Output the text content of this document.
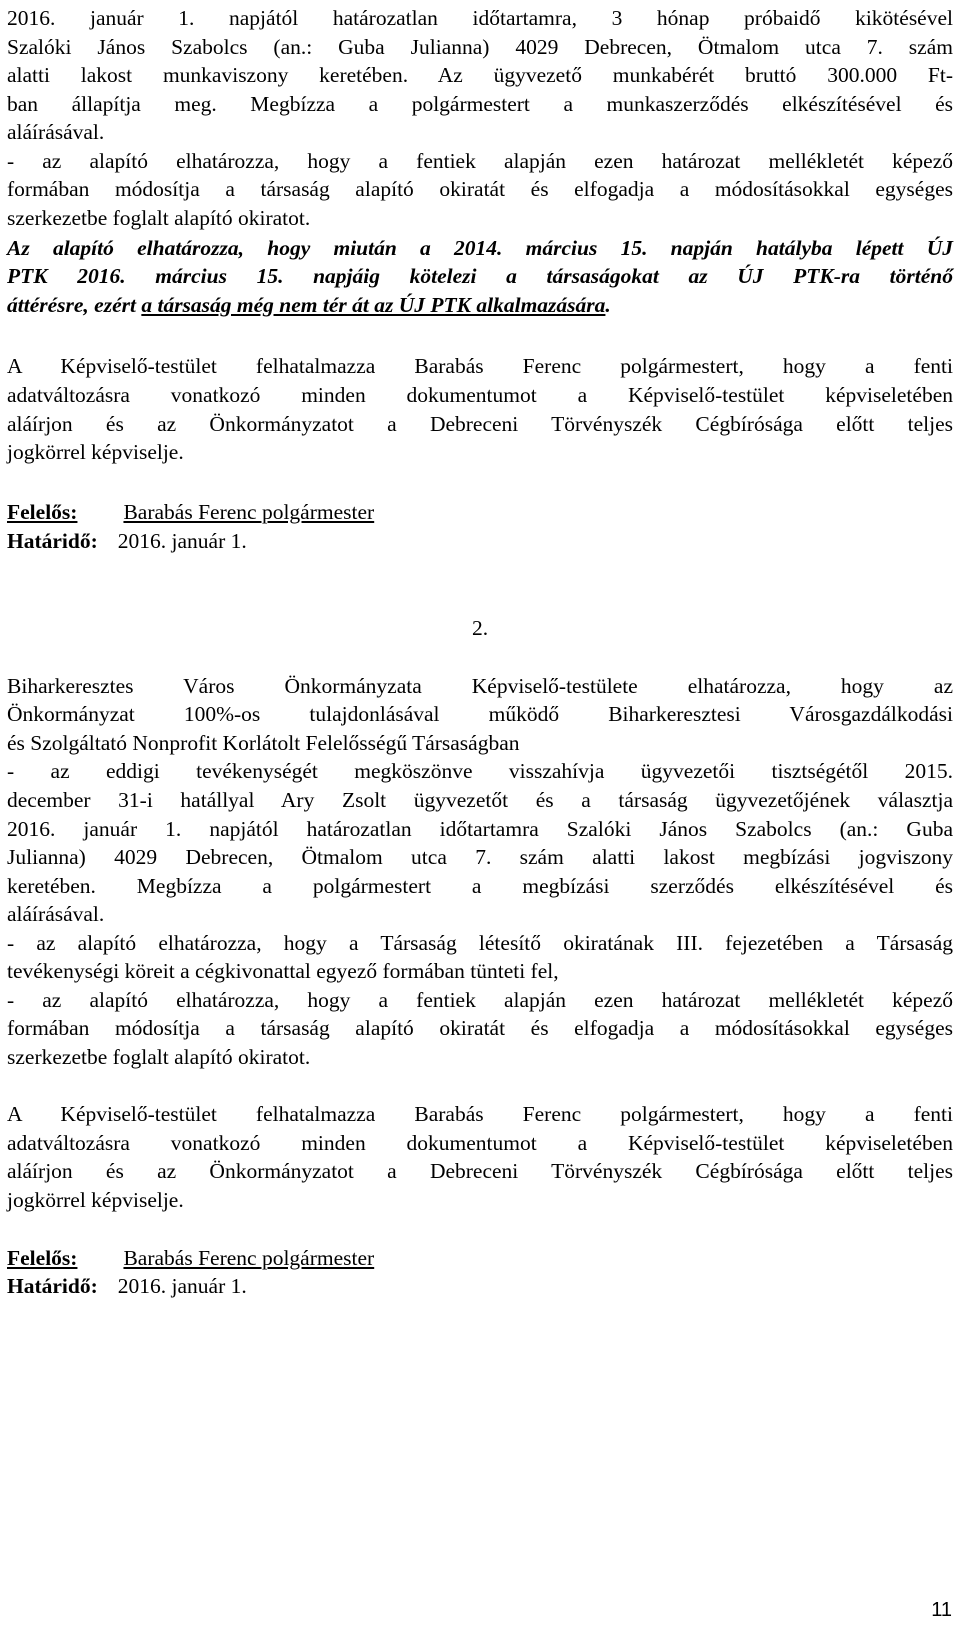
2016. január 1. napjától határozatlan időtartamra, 3 hónap próbaidő kikötésével
Szalóki János Szabolcs (an.: Guba Julianna) 4029 Debrecen, Ötmalom utca 7. szám
alatti lakost munkaviszony keretében. Az ügyvezető munkabérét bruttó 300.000 Ft-
ban állapítja meg. Megbízza a polgármestert a munkaszerződés elkészítésével és
aláírásával.
- az alapító elhatározza, hogy a fentiek alapján ezen határozat mellékletét képező
formában módosítja a társaság alapító okiratát és elfogadja a módosításokkal egységes
szerkezetbe foglalt alapító okiratot.
Az alapító elhatározza, hogy miután a 2014. március 15. napján hatályba lépett ÚJ
PTK 2016. március 15. napjáig kötelezi a társaságokat az ÚJ PTK-ra történő
áttérésre, ezért a társaság még nem tér át az ÚJ PTK alkalmazására.
A Képviselő-testület felhatalmazza Barabás Ferenc polgármestert, hogy a fenti
adatváltozásra vonatkozó minden dokumentumot a Képviselő-testület képviseletében
aláírjon és az Önkormányzatot a Debreceni Törvényszék Cégbírósága előtt teljes
jogkörrel képviselje.
Felelős: Barabás Ferenc polgármester
Határidő: 2016. január 1.
2.
Biharkeresztes Város Önkormányzata Képviselő-testülete elhatározza, hogy az
Önkormányzat 100%-os tulajdonlásával működő Biharkeresztesi Városgazdálkodási
és Szolgáltató Nonprofit Korlátolt Felelősségű Társaságban
- az eddigi tevékenységét megköszönve visszahívja ügyvezetői tisztségétől 2015.
december 31-i hatállyal Ary Zsolt ügyvezetőt és a társaság ügyvezetőjének választja
2016. január 1. napjától határozatlan időtartamra Szalóki János Szabolcs (an.: Guba
Julianna) 4029 Debrecen, Ötmalom utca 7. szám alatti lakost megbízási jogviszony
keretében. Megbízza a polgármestert a megbízási szerződés elkészítésével és
aláírásával.
- az alapító elhatározza, hogy a Társaság létesítő okiratának III. fejezetében a Társaság
tevékenységi köreit a cégkivonattal egyező formában tünteti fel,
- az alapító elhatározza, hogy a fentiek alapján ezen határozat mellékletét képező
formában módosítja a társaság alapító okiratát és elfogadja a módosításokkal egységes
szerkezetbe foglalt alapító okiratot.
A Képviselő-testület felhatalmazza Barabás Ferenc polgármestert, hogy a fenti
adatváltozásra vonatkozó minden dokumentumot a Képviselő-testület képviseletében
aláírjon és az Önkormányzatot a Debreceni Törvényszék Cégbírósága előtt teljes
jogkörrel képviselje.
Felelős: Barabás Ferenc polgármester
Határidő: 2016. január 1.
11
